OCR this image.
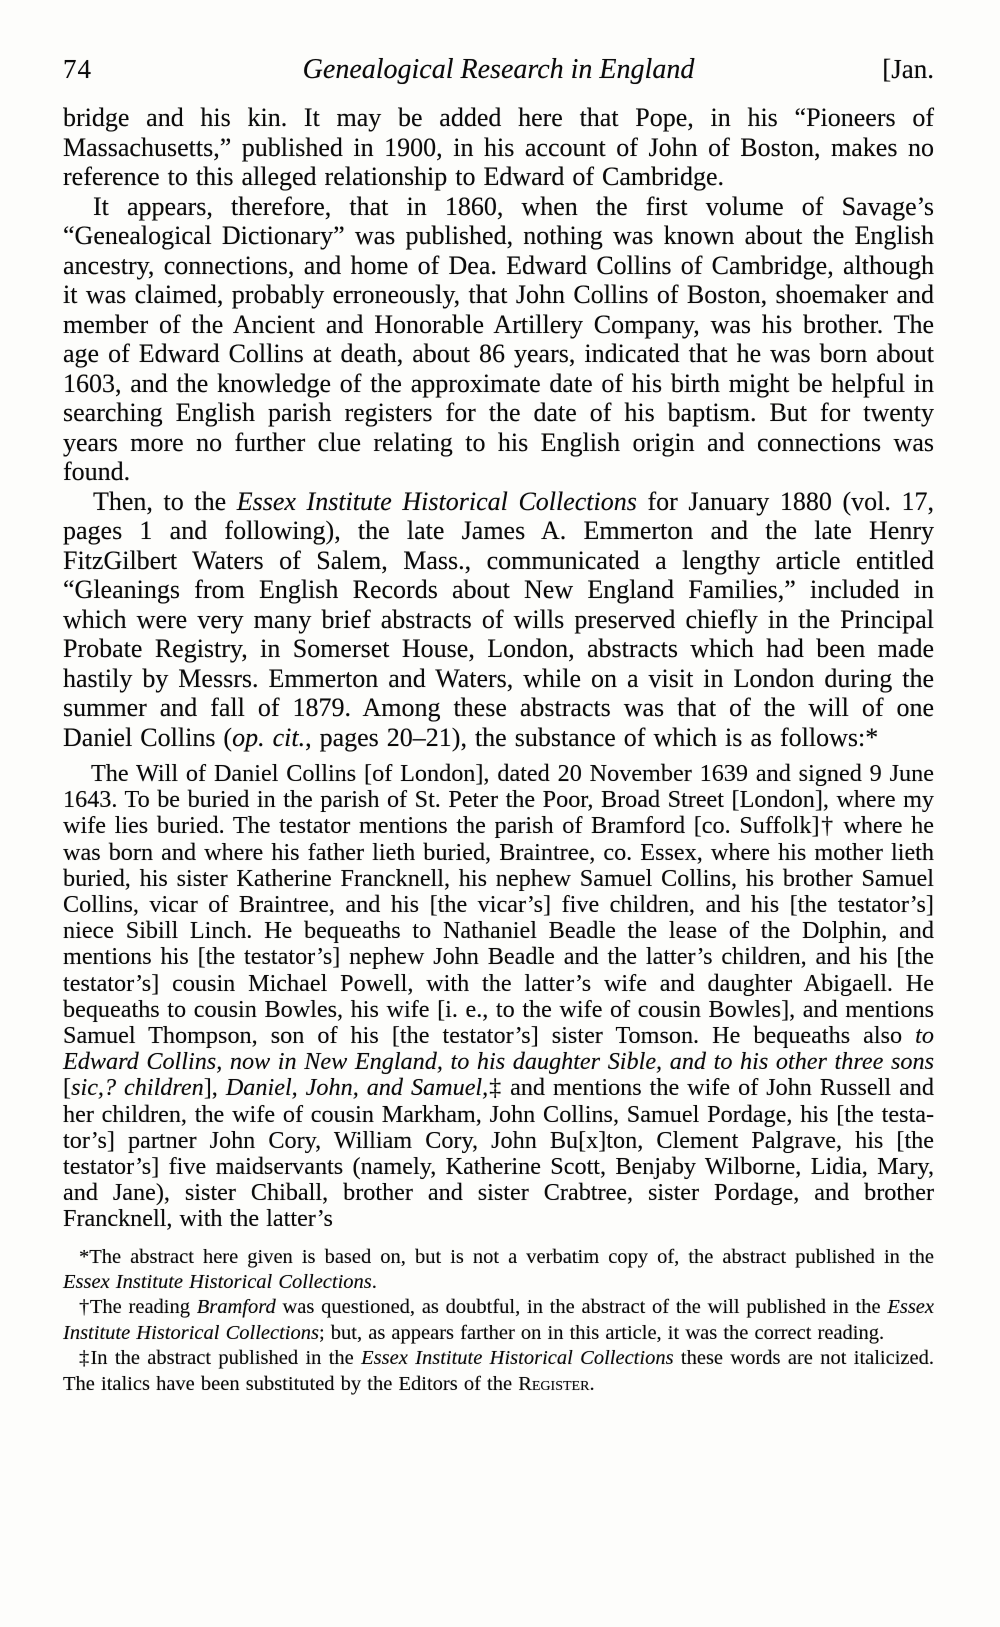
74	Genealogical Research in England	[Jan.

bridge and his kin. It may be added here that Pope, in his “Pioneers of Massachusetts,” published in 1900, in his account of John of Boston, makes no reference to this alleged relationship to Edward of Cambridge.

It appears, therefore, that in 1860, when the first volume of Savage’s “Genealogical Dictionary” was published, nothing was known about the English ancestry, connections, and home of Dea. Edward Collins of Cambridge, although it was claimed, probably erroneously, that John Collins of Boston, shoemaker and member of the Ancient and Honorable Artillery Company, was his brother. The age of Edward Collins at death, about 86 years, indicated that he was born about 1603, and the knowledge of the approximate date of his birth might be helpful in searching English parish registers for the date of his baptism. But for twenty years more no further clue relating to his English origin and connections was found.

Then, to the Essex Institute Historical Collections for January 1880 (vol. 17, pages 1 and following), the late James A. Emmerton and the late Henry FitzGilbert Waters of Salem, Mass., communicated a lengthy article entitled “Gleanings from English Records about New England Families,” included in which were very many brief abstracts of wills preserved chiefly in the Principal Probate Registry, in Somerset House, London, abstracts which had been made hastily by Messrs. Emmerton and Waters, while on a visit in London during the summer and fall of 1879. Among these abstracts was that of the will of one Daniel Collins (op. cit., pages 20–21), the substance of which is as follows:*

The Will of Daniel Collins [of London], dated 20 November 1639 and signed 9 June 1643. To be buried in the parish of St. Peter the Poor, Broad Street [London], where my wife lies buried. The testator mentions the parish of Bramford [co. Suffolk]† where he was born and where his father lieth buried, Braintree, co. Essex, where his mother lieth buried, his sister Katherine Francknell, his nephew Samuel Collins, his brother Samuel Collins, vicar of Braintree, and his [the vicar’s] five children, and his [the testator’s] niece Sibill Linch. He bequeaths to Nathaniel Beadle the lease of the Dolphin, and mentions his [the testator’s] nephew John Beadle and the latter’s children, and his [the testator’s] cousin Michael Powell, with the latter’s wife and daughter Abigaell. He bequeaths to cousin Bowles, his wife [i. e., to the wife of cousin Bowles], and mentions Samuel Thompson, son of his [the testator’s] sister Tomson. He bequeaths also to Edward Collins, now in New England, to his daughter Sible, and to his other three sons [sic,? children], Daniel, John, and Samuel,‡ and mentions the wife of John Russell and her children, the wife of cousin Markham, John Collins, Samuel Pordage, his [the testator’s] partner John Cory, William Cory, John Bu[x]ton, Clement Palgrave, his [the testator’s] five maidservants (namely, Katherine Scott, Benjaby Wilborne, Lidia, Mary, and Jane), sister Chiball, brother and sister Crabtree, sister Pordage, and brother Francknell, with the latter’s

*The abstract here given is based on, but is not a verbatim copy of, the abstract published in the Essex Institute Historical Collections.

†The reading Bramford was questioned, as doubtful, in the abstract of the will published in the Essex Institute Historical Collections; but, as appears farther on in this article, it was the correct reading.

‡In the abstract published in the Essex Institute Historical Collections these words are not italicized. The italics have been substituted by the Editors of the Register.
